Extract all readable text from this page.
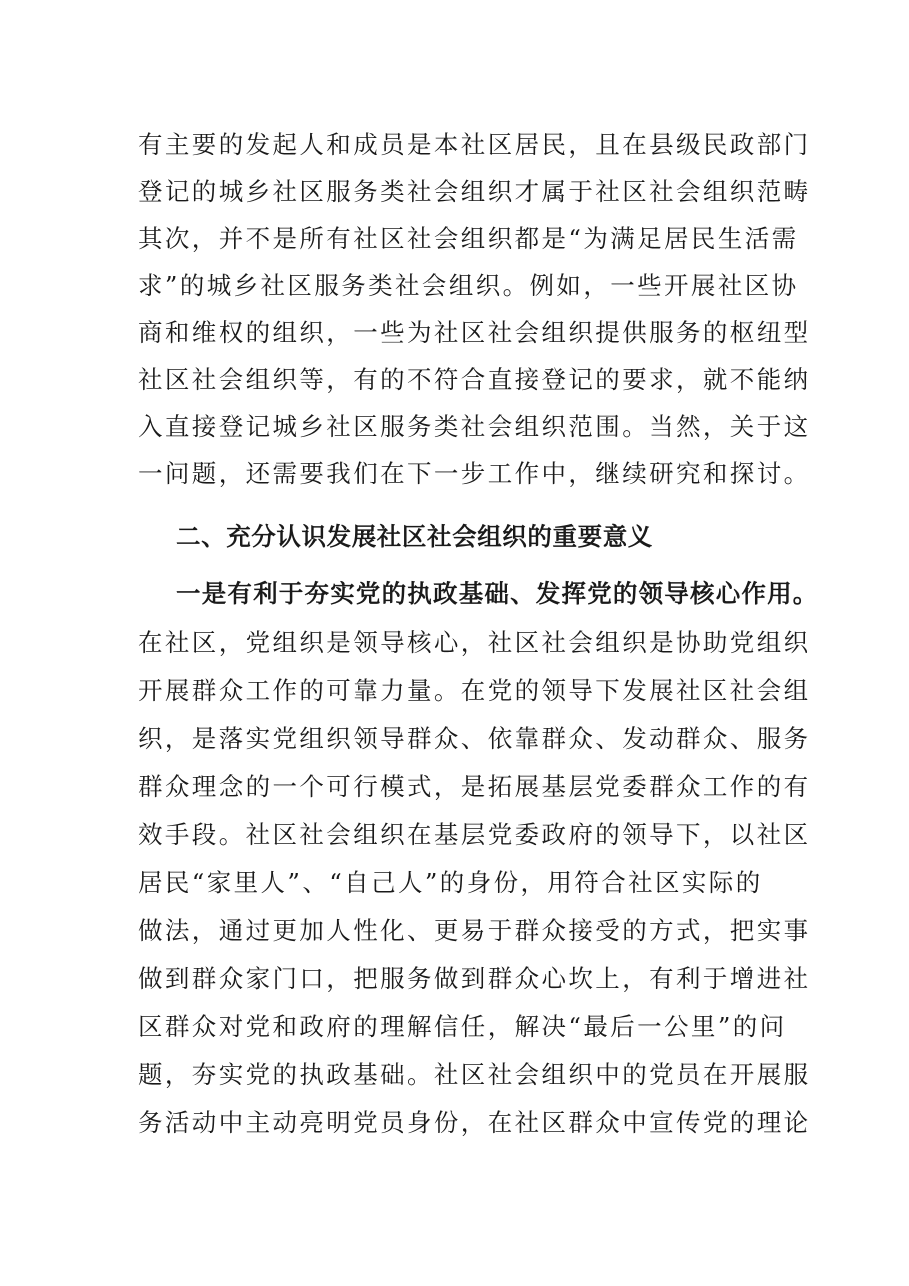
有主要的发起人和成员是本社区居民，且在县级民政部门
登记的城乡社区服务类社会组织才属于社区社会组织范畴
其次，并不是所有社区社会组织都是“为满足居民生活需
求”的城乡社区服务类社会组织。例如，一些开展社区协
商和维权的组织，一些为社区社会组织提供服务的枢纽型
社区社会组织等，有的不符合直接登记的要求，就不能纳
入直接登记城乡社区服务类社会组织范围。当然，关于这
一问题，还需要我们在下一步工作中，继续研究和探讨。
二、充分认识发展社区社会组织的重要意义
一是有利于夯实党的执政基础、发挥党的领导核心作用。
在社区，党组织是领导核心，社区社会组织是协助党组织
开展群众工作的可靠力量。在党的领导下发展社区社会组
织，是落实党组织领导群众、依靠群众、发动群众、服务
群众理念的一个可行模式，是拓展基层党委群众工作的有
效手段。社区社会组织在基层党委政府的领导下，以社区
居民“家里人”、“自己人”的身份，用符合社区实际的
做法，通过更加人性化、更易于群众接受的方式，把实事
做到群众家门口，把服务做到群众心坎上，有利于增进社
区群众对党和政府的理解信任，解决“最后一公里”的问
题，夯实党的执政基础。社区社会组织中的党员在开展服
务活动中主动亮明党员身份，在社区群众中宣传党的理论
